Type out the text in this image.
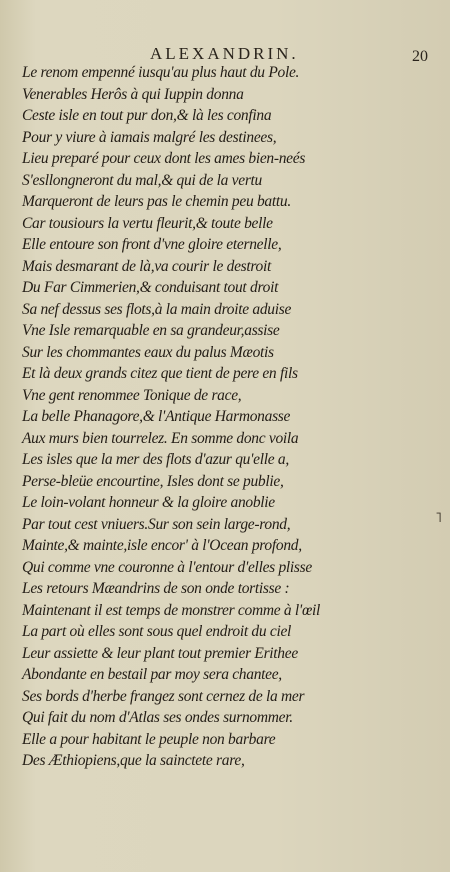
ALEXANDRIN.	20
Le renom empenné iusqu'au plus haut du Pole.
Venerables Herôs à qui Iuppin donna
Ceste isle en tout pur don,& là les confina
Pour y viure à iamais malgré les destinees,
Lieu preparé pour ceux dont les ames bien-neés
S'esllongneront du mal,& qui de la vertu
Marqueront de leurs pas le chemin peu battu.
Car tousiours la vertu fleurit,& toute belle
Elle entoure son front d'vne gloire eternelle,
Mais desmarant de là,va courir le destroit
Du Far Cimmerien,& conduisant tout droit
Sa nef dessus ses flots,à la main droite aduise
Vne Isle remarquable en sa grandeur,assise
Sur les chommantes eaux du palus Mæotis
Et là deux grands citez que tient de pere en fils
Vne gent renommee Tonique de race,
La belle Phanagore,& l'Antique Harmonasse
Aux murs bien tourrelez. En somme donc voila
Les isles que la mer des flots d'azur qu'elle a,
Perse-bleüe encourtine, Isles dont se publie,
Le loin-volant honneur & la gloire anoblie
Par tout cest vniuers.Sur son sein large-rond,
Mainte,& mainte,isle encor' à l'Ocean profond,
Qui comme vne couronne à l'entour d'elles plisse
Les retours Mæandrins de son onde tortisse :
Maintenant il est temps de monstrer comme à l'œil
La part où elles sont sous quel endroit du ciel
Leur assiette & leur plant tout premier Erithee
Abondante en bestail par moy sera chantee,
Ses bords d'herbe frangez sont cernez de la mer
Qui fait du nom d'Atlas ses ondes surnommer.
Elle a pour habitant le peuple non barbare
Des Æthiopiens,que la sainctete rare,
˥
